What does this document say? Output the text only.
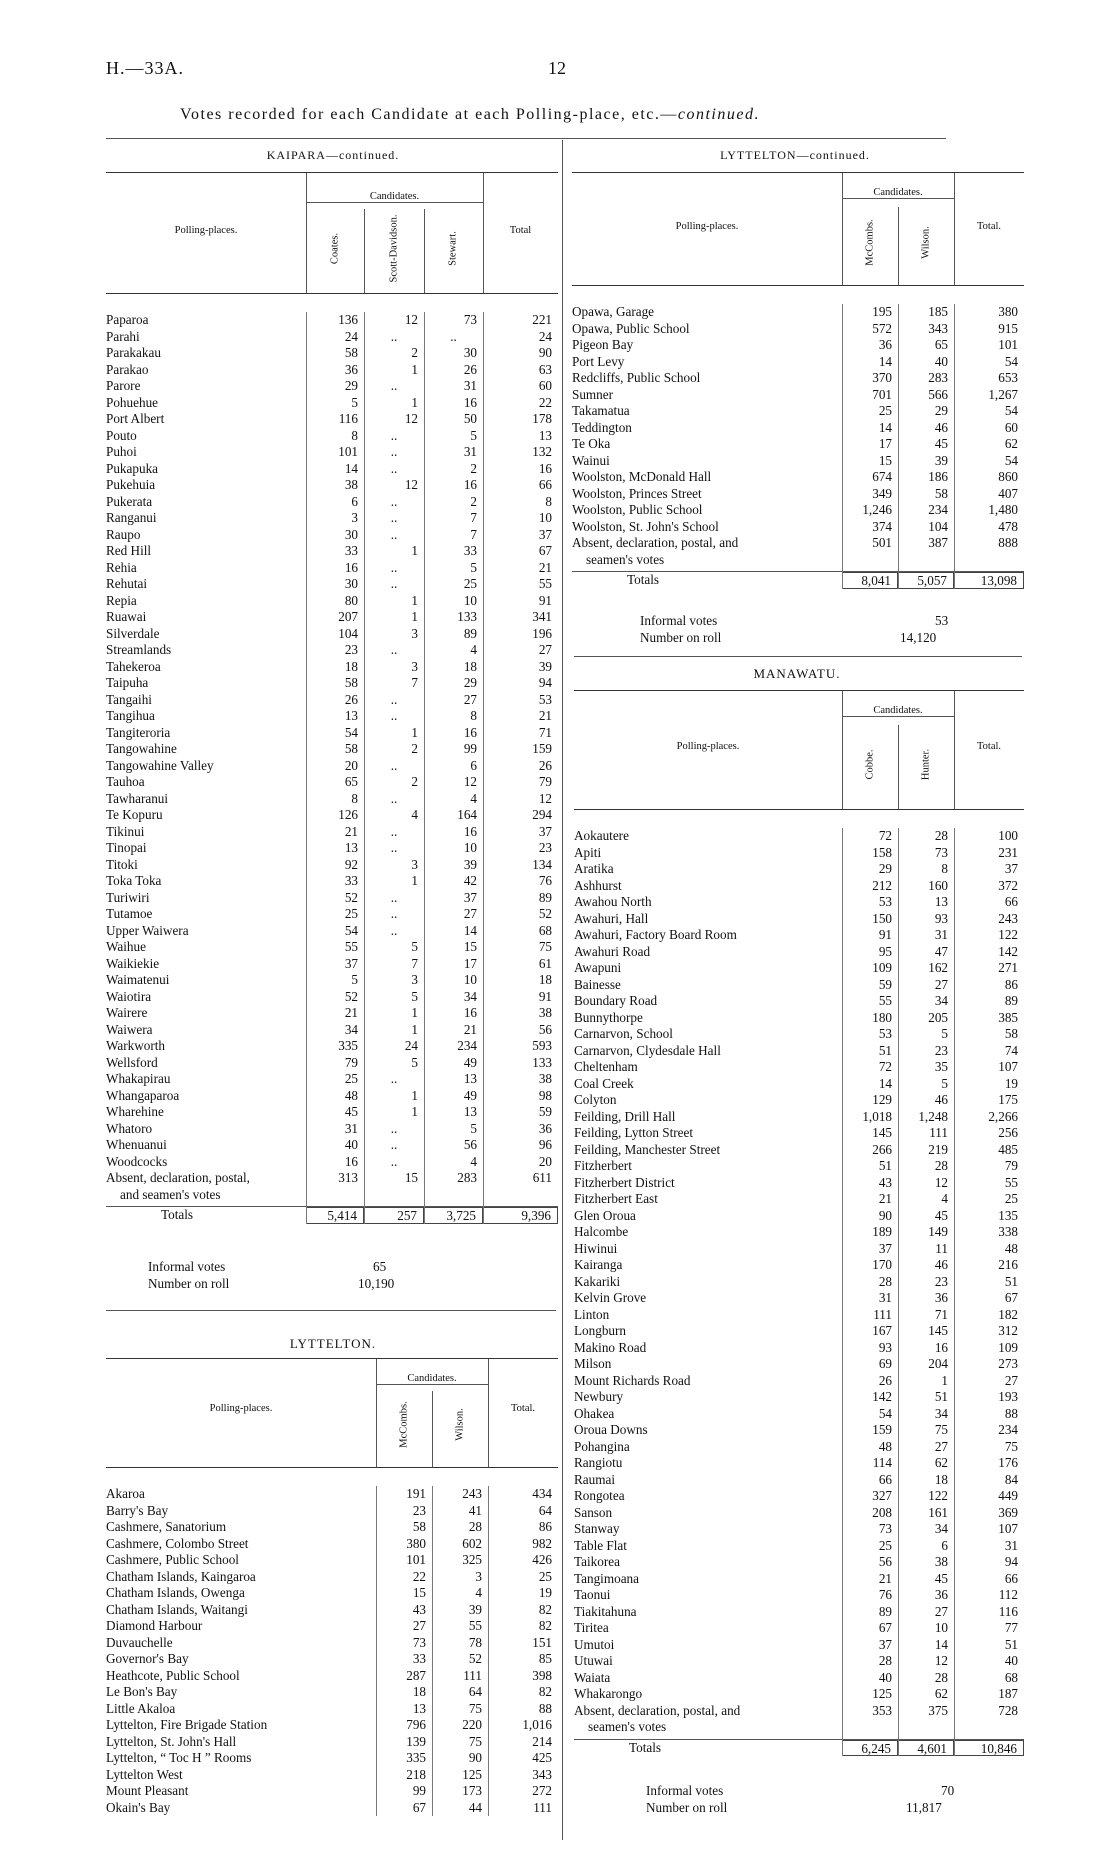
H.—33A.	12
Votes recorded for each Candidate at each Polling-place, etc.—continued.
KAIPARA—continued.
Polling-places.
Candidates.
Coates.	Scott-Davidson.	Stewart.
Total
Paparoa	136	12	73	221
Parahi	24	..	..	24
Parakakau	58	2	30	90
Parakao	36	1	26	63
Parore	29	..	31	60
Pohuehue	5	1	16	22
Port Albert	116	12	50	178
Pouto	8	..	5	13
Puhoi	101	..	31	132
Pukapuka	14	..	2	16
Pukehuia	38	12	16	66
Pukerata	6	..	2	8
Ranganui	3	..	7	10
Raupo	30	..	7	37
Red Hill	33	1	33	67
Rehia	16	..	5	21
Rehutai	30	..	25	55
Repia	80	1	10	91
Ruawai	207	1	133	341
Silverdale	104	3	89	196
Streamlands	23	..	4	27
Tahekeroa	18	3	18	39
Taipuha	58	7	29	94
Tangaihi	26	..	27	53
Tangihua	13	..	8	21
Tangiteroria	54	1	16	71
Tangowahine	58	2	99	159
Tangowahine Valley	20	..	6	26
Tauhoa	65	2	12	79
Tawharanui	8	..	4	12
Te Kopuru	126	4	164	294
Tikinui	21	..	16	37
Tinopai	13	..	10	23
Titoki	92	3	39	134
Toka Toka	33	1	42	76
Turiwiri	52	..	37	89
Tutamoe	25	..	27	52
Upper Waiwera	54	..	14	68
Waihue	55	5	15	75
Waikiekie	37	7	17	61
Waimatenui	5	3	10	18
Waiotira	52	5	34	91
Wairere	21	1	16	38
Waiwera	34	1	21	56
Warkworth	335	24	234	593
Wellsford	79	5	49	133
Whakapirau	25	..	13	38
Whangaparoa	48	1	49	98
Wharehine	45	1	13	59
Whatoro	31	..	5	36
Whenuanui	40	..	56	96
Woodcocks	16	..	4	20
Absent, declaration, postal,	313	15	283	611
and seamen's votes
Totals	5,414	257	3,725	9,396
Informal votes	65
Number on roll	10,190
LYTTELTON.
Polling-places.
Candidates.
McCombs.	Wilson.	Total.
Akaroa	191	243	434
Barry's Bay	23	41	64
Cashmere, Sanatorium	58	28	86
Cashmere, Colombo Street	380	602	982
Cashmere, Public School	101	325	426
Chatham Islands, Kaingaroa	22	3	25
Chatham Islands, Owenga	15	4	19
Chatham Islands, Waitangi	43	39	82
Diamond Harbour	27	55	82
Duvauchelle	73	78	151
Governor's Bay	33	52	85
Heathcote, Public School	287	111	398
Le Bon's Bay	18	64	82
Little Akaloa	13	75	88
Lyttelton, Fire Brigade Station	796	220	1,016
Lyttelton, St. John's Hall	139	75	214
Lyttelton, “ Toc H ” Rooms	335	90	425
Lyttelton West	218	125	343
Mount Pleasant	99	173	272
Okain's Bay	67	44	111
LYTTELTON—continued.
Polling-places.
Candidates.
McCombs.	Wilson.	Total.
Opawa, Garage	195	185	380
Opawa, Public School	572	343	915
Pigeon Bay	36	65	101
Port Levy	14	40	54
Redcliffs, Public School	370	283	653
Sumner	701	566	1,267
Takamatua	25	29	54
Teddington	14	46	60
Te Oka	17	45	62
Wainui	15	39	54
Woolston, McDonald Hall	674	186	860
Woolston, Princes Street	349	58	407
Woolston, Public School	1,246	234	1,480
Woolston, St. John's School	374	104	478
Absent, declaration, postal, and	501	387	888
seamen's votes
Totals	8,041	5,057	13,098
Informal votes	53
Number on roll	14,120
MANAWATU.
Polling-places.
Candidates.
Cobbe.	Hunter.
Total.
Aokautere	72	28	100
Apiti	158	73	231
Aratika	29	8	37
Ashhurst	212	160	372
Awahou North	53	13	66
Awahuri, Hall	150	93	243
Awahuri, Factory Board Room	91	31	122
Awahuri Road	95	47	142
Awapuni	109	162	271
Bainesse	59	27	86
Boundary Road	55	34	89
Bunnythorpe	180	205	385
Carnarvon, School	53	5	58
Carnarvon, Clydesdale Hall	51	23	74
Cheltenham	72	35	107
Coal Creek	14	5	19
Colyton	129	46	175
Feilding, Drill Hall	1,018	1,248	2,266
Feilding, Lytton Street	145	111	256
Feilding, Manchester Street	266	219	485
Fitzherbert	51	28	79
Fitzherbert District	43	12	55
Fitzherbert East	21	4	25
Glen Oroua	90	45	135
Halcombe	189	149	338
Hiwinui	37	11	48
Kairanga	170	46	216
Kakariki	28	23	51
Kelvin Grove	31	36	67
Linton	111	71	182
Longburn	167	145	312
Makino Road	93	16	109
Milson	69	204	273
Mount Richards Road	26	1	27
Newbury	142	51	193
Ohakea	54	34	88
Oroua Downs	159	75	234
Pohangina	48	27	75
Rangiotu	114	62	176
Raumai	66	18	84
Rongotea	327	122	449
Sanson	208	161	369
Stanway	73	34	107
Table Flat	25	6	31
Taikorea	56	38	94
Tangimoana	21	45	66
Taonui	76	36	112
Tiakitahuna	89	27	116
Tiritea	67	10	77
Umutoi	37	14	51
Utuwai	28	12	40
Waiata	40	28	68
Whakarongo	125	62	187
Absent, declaration, postal, and	353	375	728
seamen's votes
Totals	6,245	4,601	10,846
Informal votes	70
Number on roll	11,817
